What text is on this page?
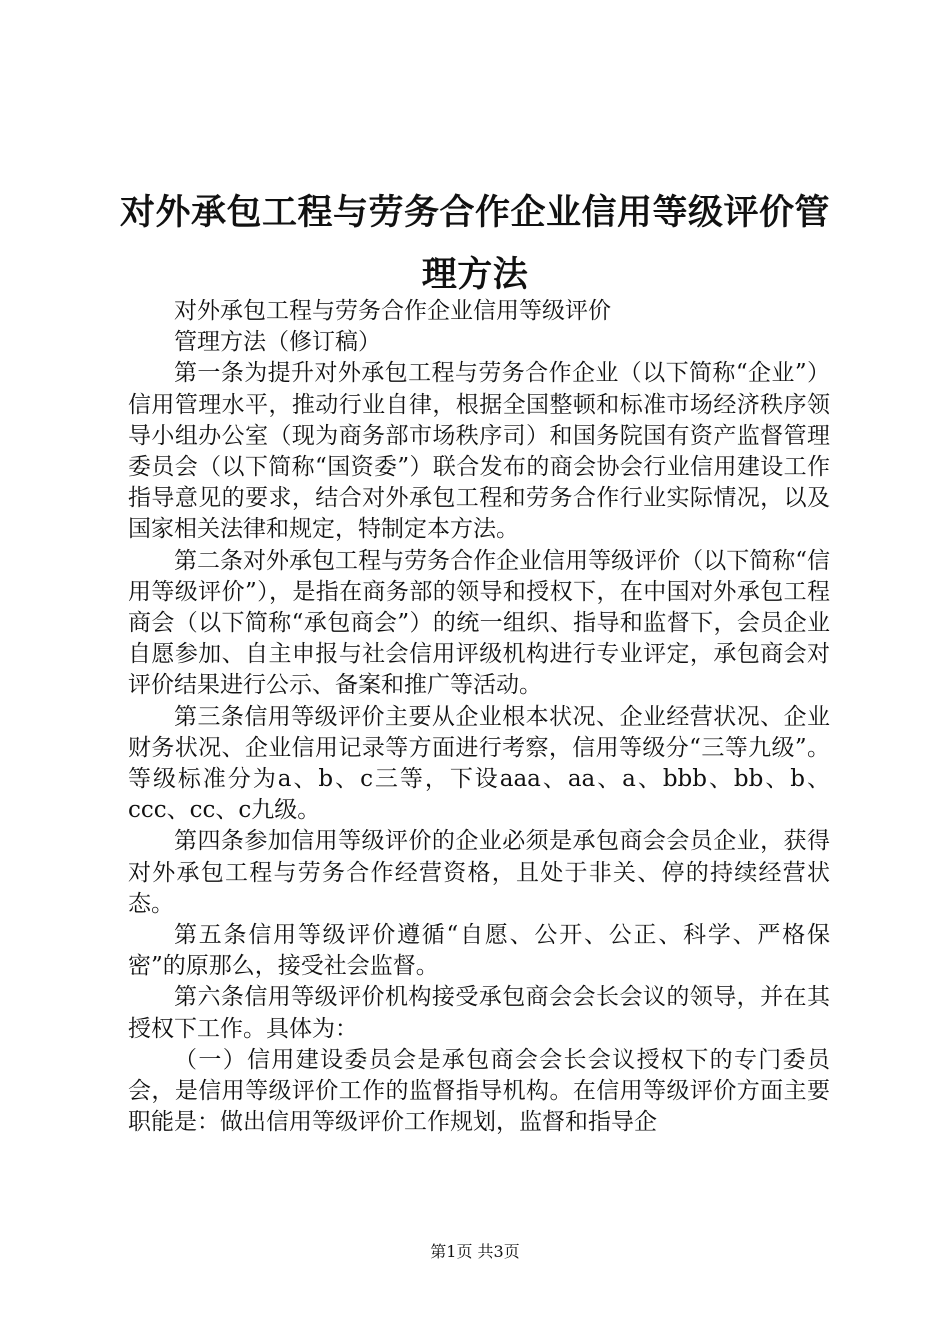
对外承包工程与劳务合作企业信用等级评价管理方法

对外承包工程与劳务合作企业信用等级评价

管理方法（修订稿）

第一条为提升对外承包工程与劳务合作企业（以下简称“企业”）信用管理水平，推动行业自律，根据全国整顿和标准市场经济秩序领导小组办公室（现为商务部市场秩序司）和国务院国有资产监督管理委员会（以下简称“国资委”）联合发布的商会协会行业信用建设工作指导意见的要求，结合对外承包工程和劳务合作行业实际情况，以及国家相关法律和规定，特制定本方法。

第二条对外承包工程与劳务合作企业信用等级评价（以下简称“信用等级评价”），是指在商务部的领导和授权下，在中国对外承包工程商会（以下简称“承包商会”）的统一组织、指导和监督下，会员企业自愿参加、自主申报与社会信用评级机构进行专业评定，承包商会对评价结果进行公示、备案和推广等活动。

第三条信用等级评价主要从企业根本状况、企业经营状况、企业财务状况、企业信用记录等方面进行考察，信用等级分“三等九级”。等级标准分为a、b、c三等，下设aaa、aa、a、bbb、bb、b、ccc、cc、c九级。

第四条参加信用等级评价的企业必须是承包商会会员企业，获得对外承包工程与劳务合作经营资格，且处于非关、停的持续经营状态。

第五条信用等级评价遵循“自愿、公开、公正、科学、严格保密”的原那么，接受社会监督。

第六条信用等级评价机构接受承包商会会长会议的领导，并在其授权下工作。具体为：

（一）信用建设委员会是承包商会会长会议授权下的专门委员会，是信用等级评价工作的监督指导机构。在信用等级评价方面主要职能是：做出信用等级评价工作规划，监督和指导企

第1页 共3页
